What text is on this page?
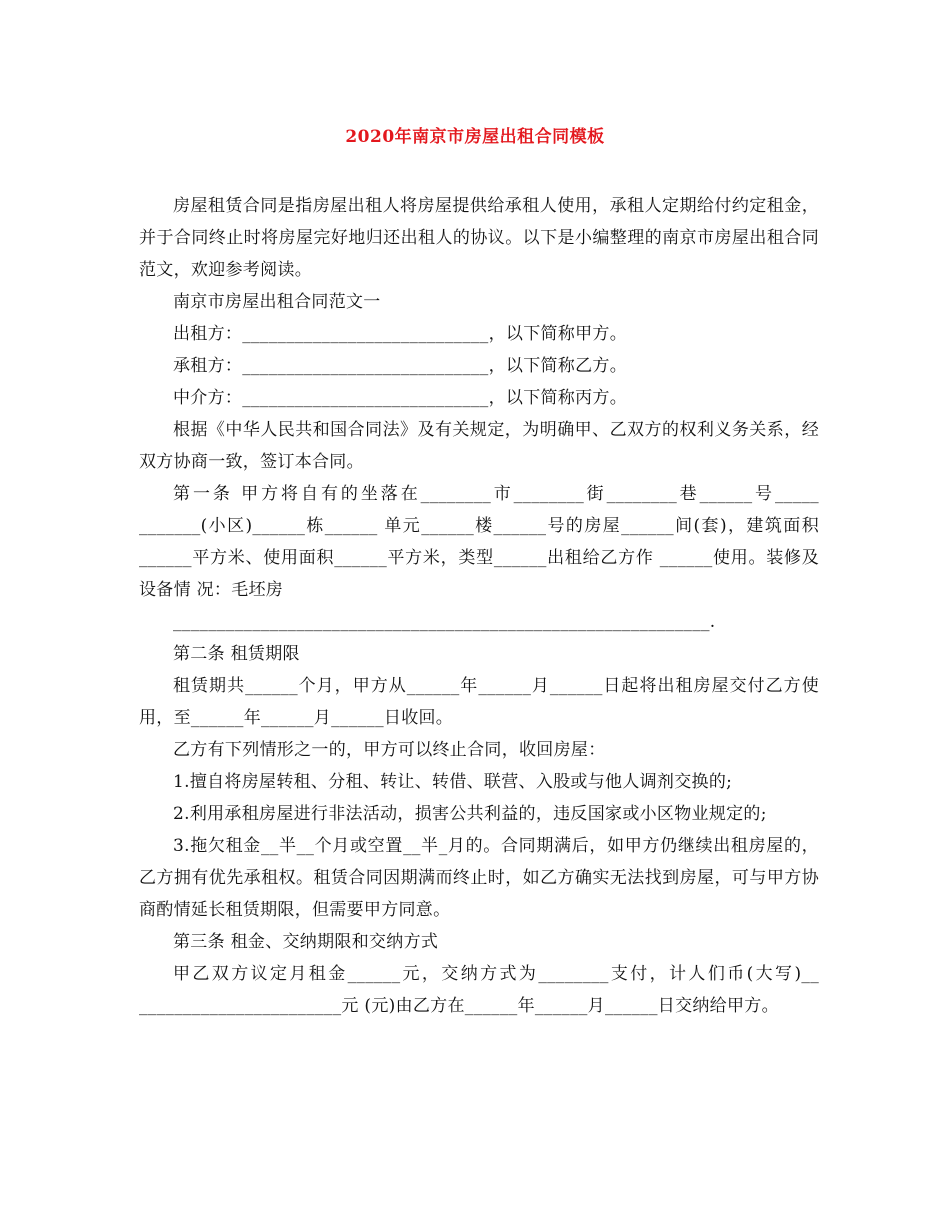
2020年南京市房屋出租合同模板

房屋租赁合同是指房屋出租人将房屋提供给承租人使用，承租人定期给付约定租金，并于合同终止时将房屋完好地归还出租人的协议。以下是小编整理的南京市房屋出租合同范文，欢迎参考阅读。

南京市房屋出租合同范文一

出租方：____________________________，以下简称甲方。

承租方：____________________________，以下简称乙方。

中介方：____________________________，以下简称丙方。

根据《中华人民共和国合同法》及有关规定，为明确甲、乙双方的权利义务关系，经双方协商一致，签订本合同。

第一条 甲方将自有的坐落在________市________街________巷______号_____ _______(小区)______栋______ 单元______楼______号的房屋______间(套)，建筑面积______平方米、使用面积______平方米，类型______出租给乙方作 ______使用。装修及设备情 况：毛坯房

_____________________________________________________________.

第二条 租赁期限

租赁期共______个月，甲方从______年______月______日起将出租房屋交付乙方使用，至______年______月______日收回。

乙方有下列情形之一的，甲方可以终止合同，收回房屋：

1.擅自将房屋转租、分租、转让、转借、联营、入股或与他人调剂交换的;

2.利用承租房屋进行非法活动，损害公共利益的，违反国家或小区物业规定的;

3.拖欠租金__半__个月或空置__半_月的。合同期满后，如甲方仍继续出租房屋的，乙方拥有优先承租权。租赁合同因期满而终止时，如乙方确实无法找到房屋，可与甲方协商酌情延长租赁期限，但需要甲方同意。

第三条 租金、交纳期限和交纳方式

甲乙双方议定月租金______元，交纳方式为________支付，计人们币(大写)__ _______________________元 (元)由乙方在______年______月______日交纳给甲方。
